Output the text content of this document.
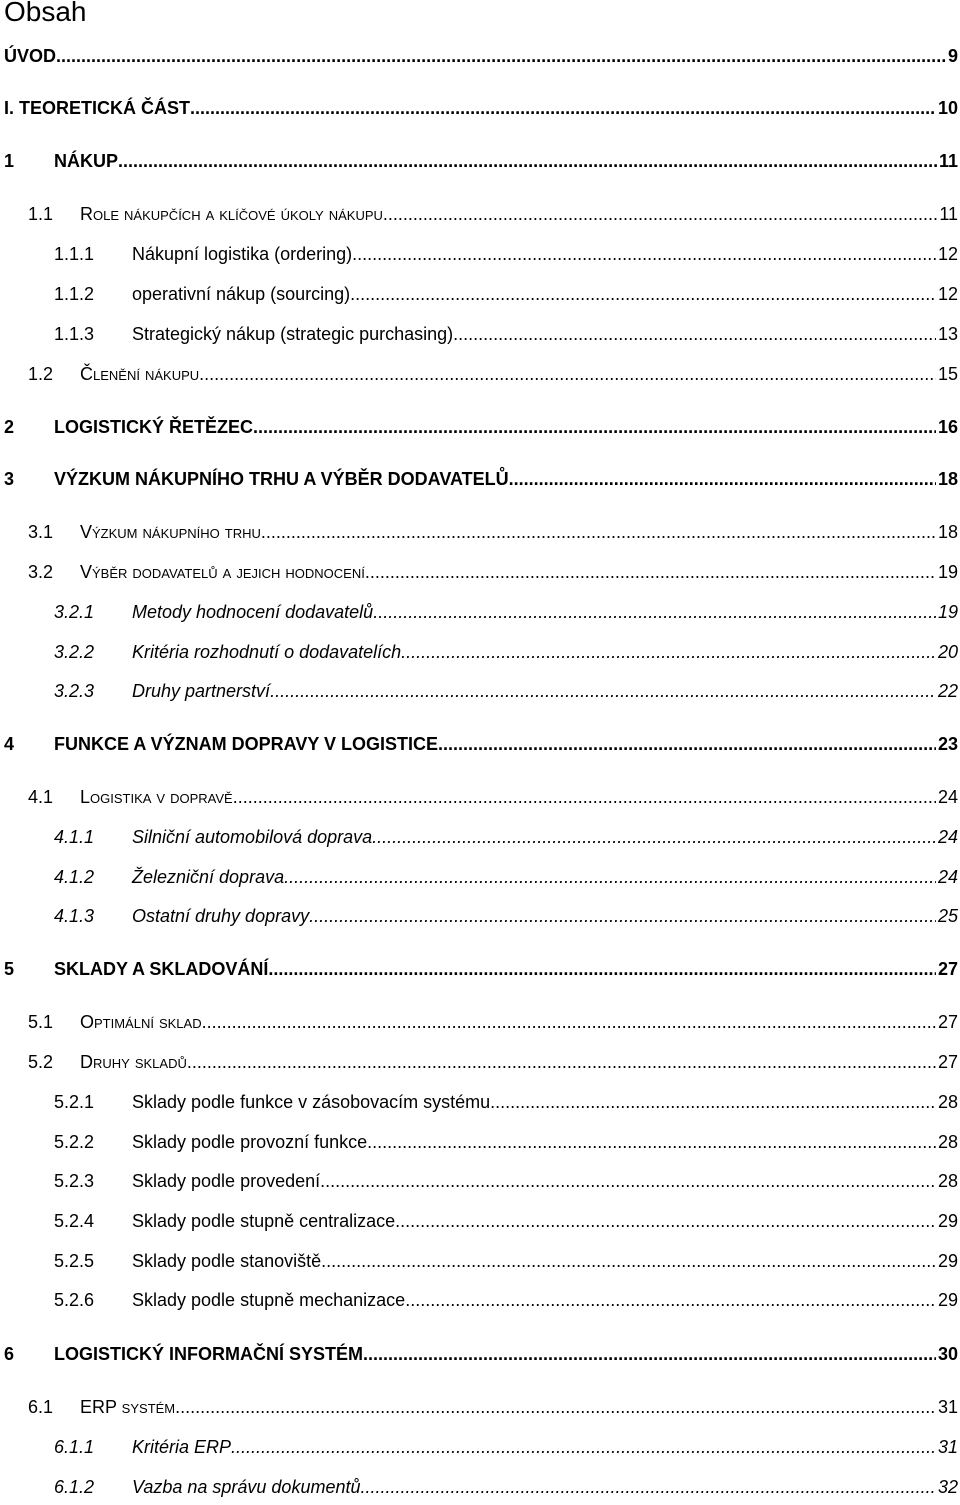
Obsah
ÚVOD .....	9
I. TEORETICKÁ ČÁST .....	10
1	NÁKUP .....	11
1.1	Role nákupčích a klíčové úkoly nákupu .....	11
1.1.1	Nákupní logistika (ordering) .....	12
1.1.2	operativní nákup (sourcing) .....	12
1.1.3	Strategický nákup (strategic purchasing) .....	13
1.2	Členění nákupu .....	15
2	LOGISTICKÝ ŘETĚZEC .....	16
3	VÝZKUM NÁKUPNÍHO TRHU A VÝBĚR DODAVATELŮ .....	18
3.1	Výzkum nákupního trhu .....	18
3.2	Výběr dodavatelů a jejich hodnocení .....	19
3.2.1	Metody hodnocení dodavatelů .....	19
3.2.2	Kritéria rozhodnutí o dodavatelích .....	20
3.2.3	Druhy partnerství .....	22
4	FUNKCE A VÝZNAM DOPRAVY V LOGISTICE .....	23
4.1	Logistika v dopravě .....	24
4.1.1	Silniční automobilová doprava .....	24
4.1.2	Železniční doprava .....	24
4.1.3	Ostatní druhy dopravy .....	25
5	SKLADY A SKLADOVÁNÍ .....	27
5.1	Optimální sklad .....	27
5.2	Druhy skladů .....	27
5.2.1	Sklady podle funkce v zásobovacím systému .....	28
5.2.2	Sklady podle provozní funkce .....	28
5.2.3	Sklady podle provedení .....	28
5.2.4	Sklady podle stupně centralizace .....	29
5.2.5	Sklady podle stanoviště .....	29
5.2.6	Sklady podle stupně mechanizace .....	29
6	LOGISTICKÝ INFORMAČNÍ SYSTÉM .....	30
6.1	ERP systém .....	31
6.1.1	Kritéria ERP .....	31
6.1.2	Vazba na správu dokumentů .....	32
